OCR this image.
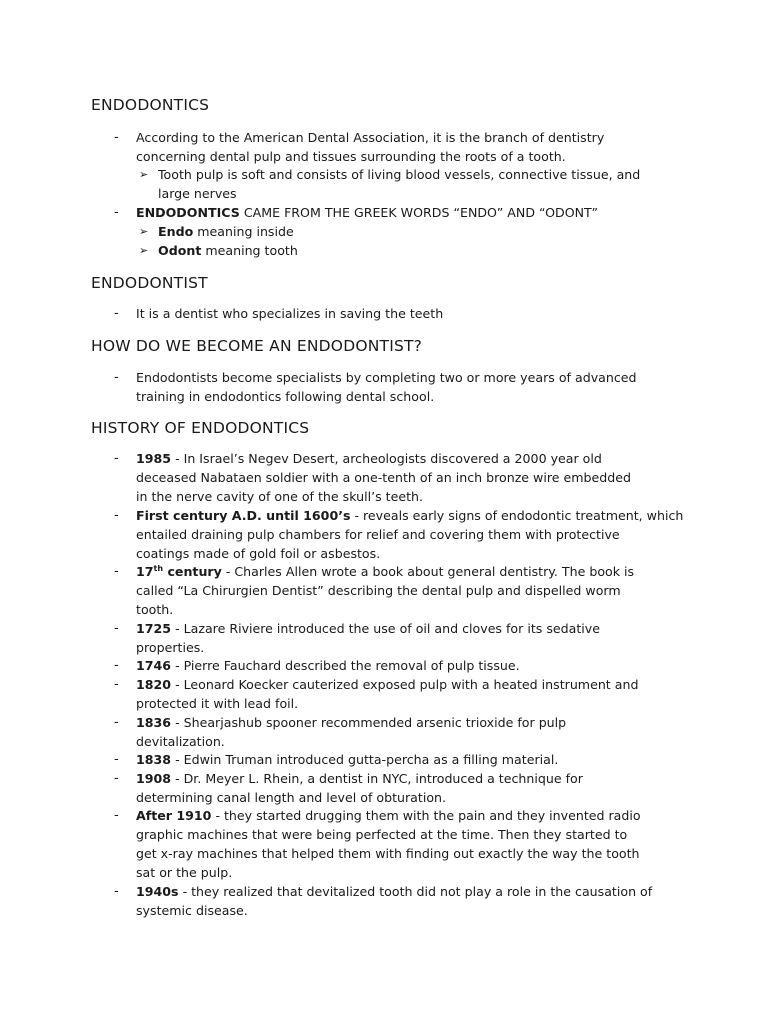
ENDODONTICS
- According to the American Dental Association, it is the branch of dentistry
concerning dental pulp and tissues surrounding the roots of a tooth.
➢ Tooth pulp is soft and consists of living blood vessels, connective tissue, and
large nerves
- ENDODONTICS CAME FROM THE GREEK WORDS “ENDO” AND “ODONT”
➢ Endo meaning inside
➢ Odont meaning tooth
ENDODONTIST
- It is a dentist who specializes in saving the teeth
HOW DO WE BECOME AN ENDODONTIST?
- Endodontists become specialists by completing two or more years of advanced
training in endodontics following dental school.
HISTORY OF ENDODONTICS
- 1985 - In Israel’s Negev Desert, archeologists discovered a 2000 year old
deceased Nabataen soldier with a one-tenth of an inch bronze wire embedded
in the nerve cavity of one of the skull’s teeth.
- First century A.D. until 1600’s - reveals early signs of endodontic treatment, which
entailed draining pulp chambers for relief and covering them with protective
coatings made of gold foil or asbestos.
- 17th century - Charles Allen wrote a book about general dentistry. The book is
called “La Chirurgien Dentist” describing the dental pulp and dispelled worm
tooth.
- 1725 - Lazare Riviere introduced the use of oil and cloves for its sedative
properties.
- 1746 - Pierre Fauchard described the removal of pulp tissue.
- 1820 - Leonard Koecker cauterized exposed pulp with a heated instrument and
protected it with lead foil.
- 1836 - Shearjashub spooner recommended arsenic trioxide for pulp
devitalization.
- 1838 - Edwin Truman introduced gutta-percha as a filling material.
- 1908 - Dr. Meyer L. Rhein, a dentist in NYC, introduced a technique for
determining canal length and level of obturation.
- After 1910 - they started drugging them with the pain and they invented radio
graphic machines that were being perfected at the time. Then they started to
get x-ray machines that helped them with finding out exactly the way the tooth
sat or the pulp.
- 1940s - they realized that devitalized tooth did not play a role in the causation of
systemic disease.
